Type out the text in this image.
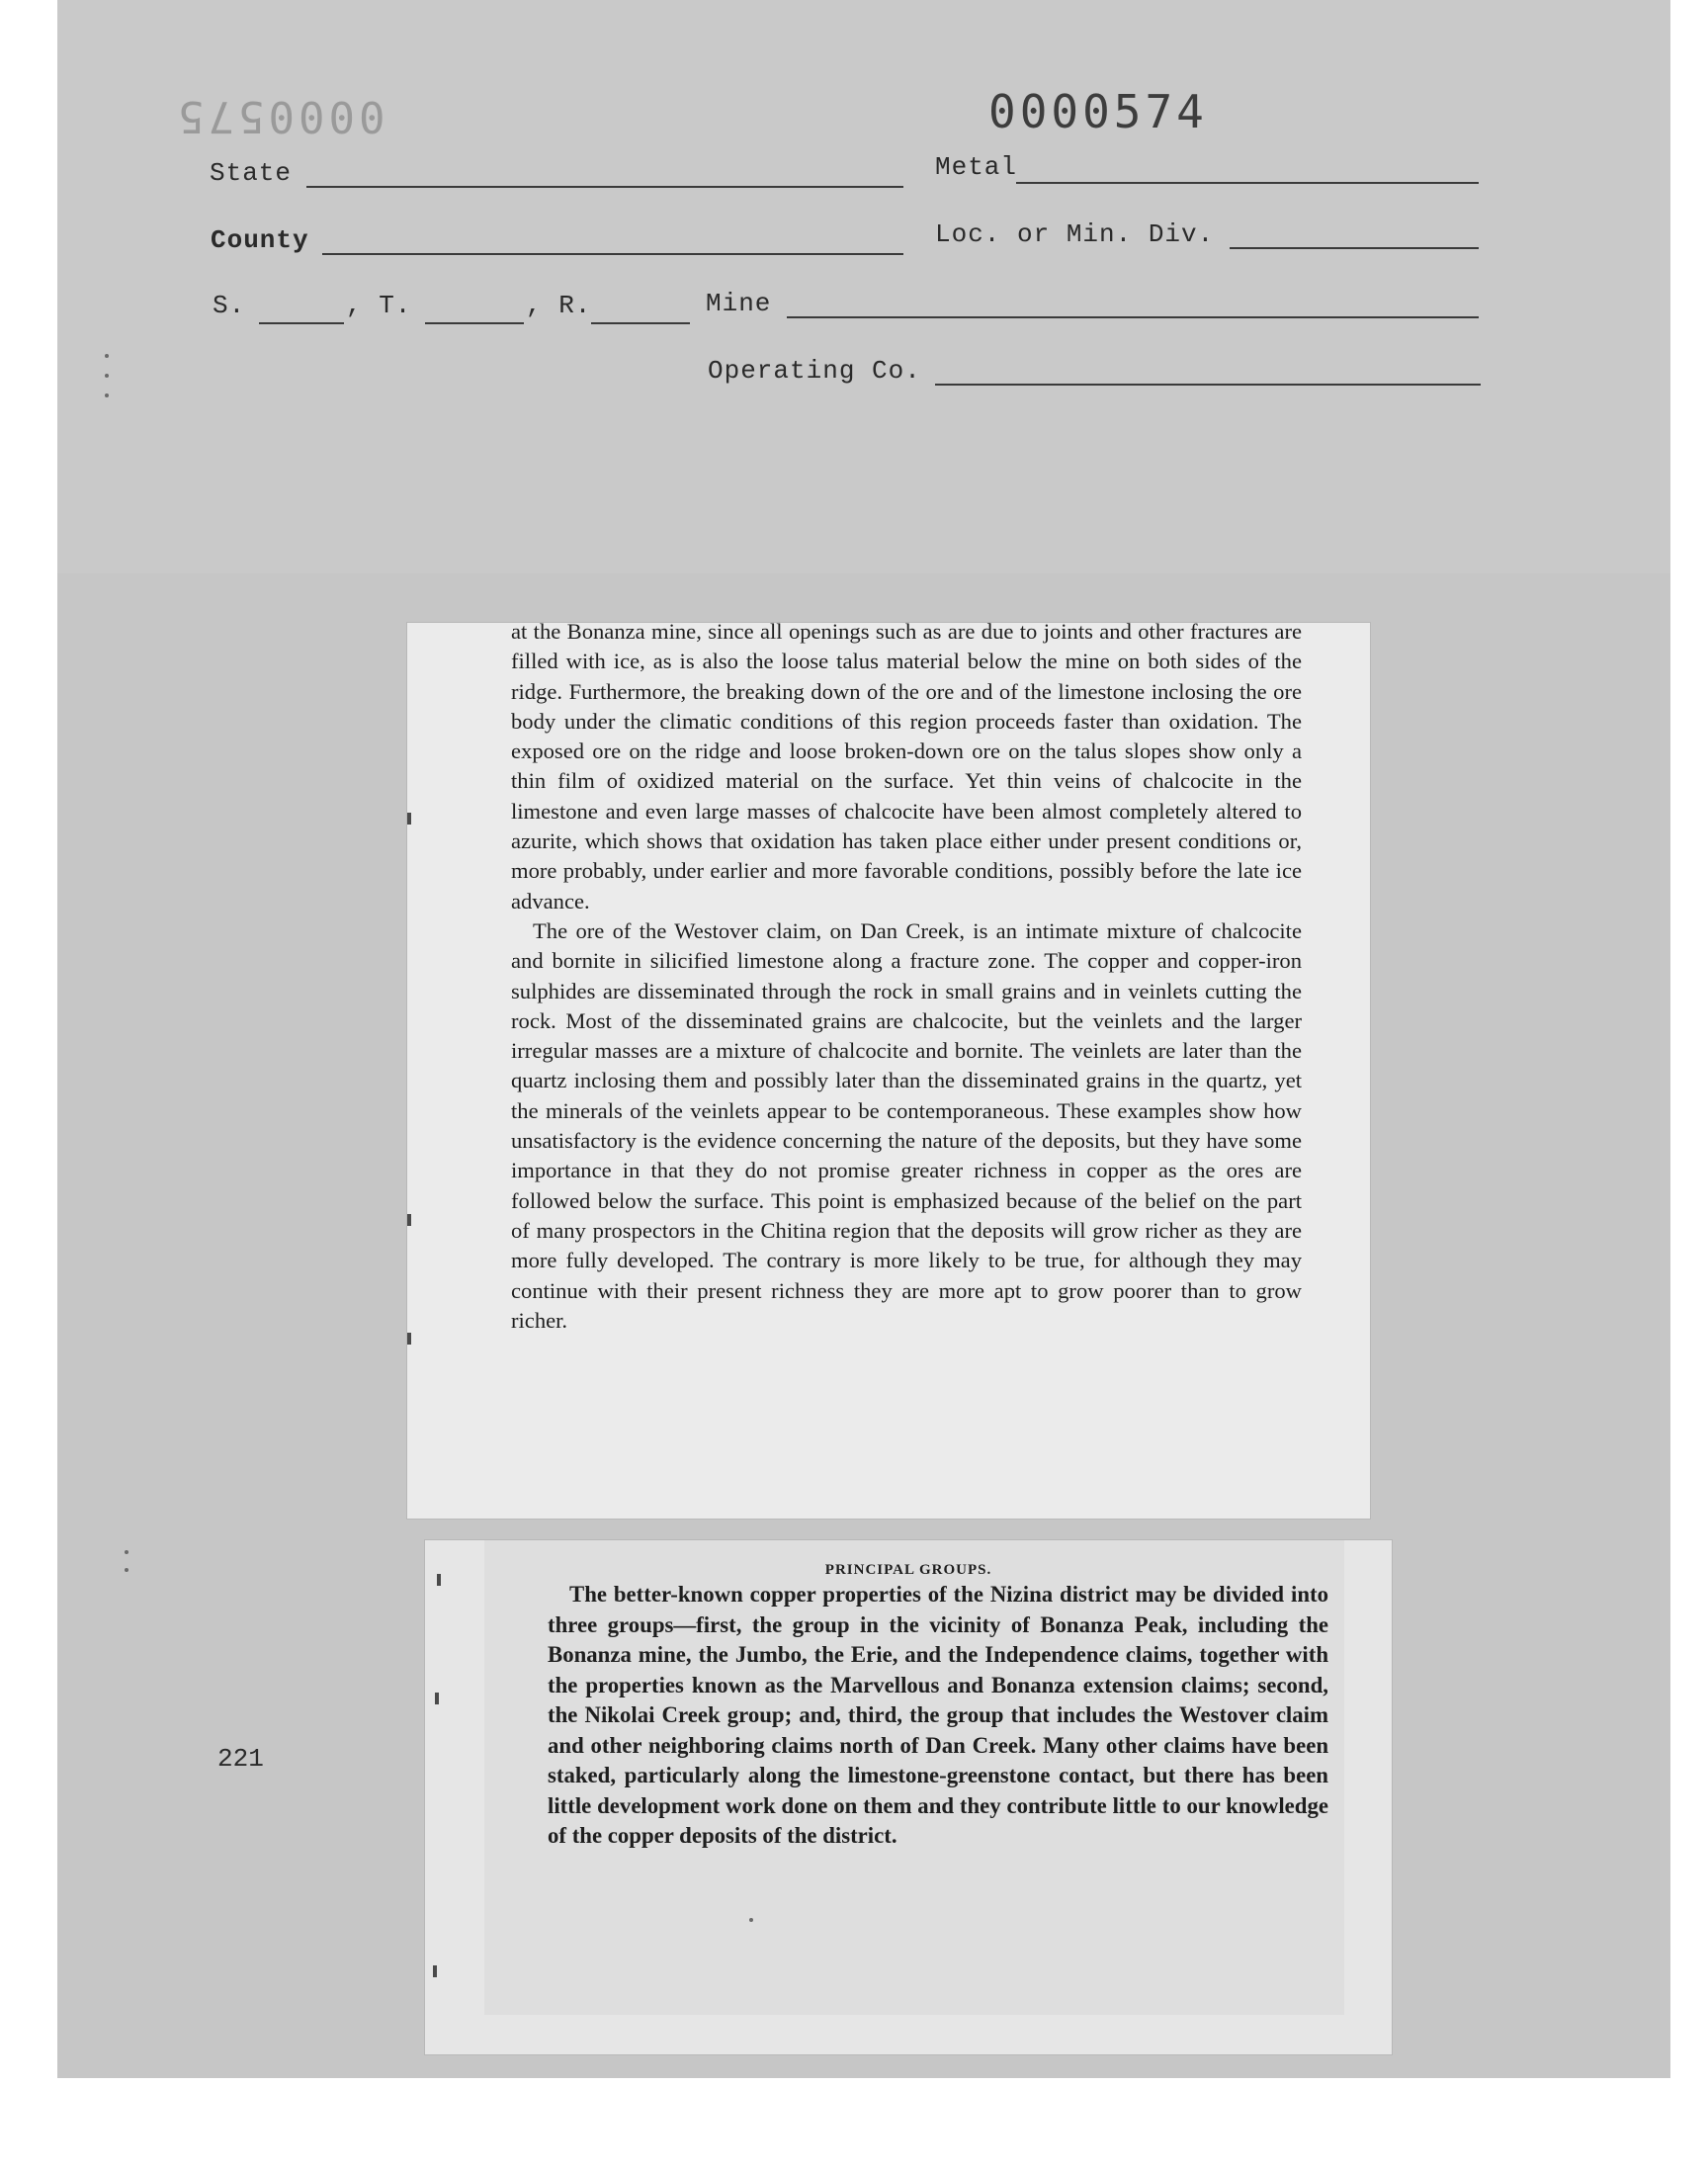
0000575	0000574
State	Metal
County	Loc. or Min. Div.
S.	, T.	, R.	Mine
Operating Co.

at the Bonanza mine, since all openings such as are due to joints and other fractures are filled with ice, as is also the loose talus material below the mine on both sides of the ridge. Furthermore, the breaking down of the ore and of the limestone inclosing the ore body under the climatic conditions of this region proceeds faster than oxidation. The exposed ore on the ridge and loose broken-down ore on the talus slopes show only a thin film of oxidized material on the surface. Yet thin veins of chalcocite in the limestone and even large masses of chalcocite have been almost completely altered to azurite, which shows that oxidation has taken place either under present conditions or, more probably, under earlier and more favorable conditions, possibly before the late ice advance.

The ore of the Westover claim, on Dan Creek, is an intimate mixture of chalcocite and bornite in silicified limestone along a fracture zone. The copper and copper-iron sulphides are disseminated through the rock in small grains and in veinlets cutting the rock. Most of the disseminated grains are chalcocite, but the veinlets and the larger irregular masses are a mixture of chalcocite and bornite. The veinlets are later than the quartz inclosing them and possibly later than the disseminated grains in the quartz, yet the minerals of the veinlets appear to be contemporaneous. These examples show how unsatisfactory is the evidence concerning the nature of the deposits, but they have some importance in that they do not promise greater richness in copper as the ores are followed below the surface. This point is emphasized because of the belief on the part of many prospectors in the Chitina region that the deposits will grow richer as they are more fully developed. The contrary is more likely to be true, for although they may continue with their present richness they are more apt to grow poorer than to grow richer.

PRINCIPAL GROUPS.

The better-known copper properties of the Nizina district may be divided into three groups—first, the group in the vicinity of Bonanza Peak, including the Bonanza mine, the Jumbo, the Erie, and the Independence claims, together with the properties known as the Marvellous and Bonanza extension claims; second, the Nikolai Creek group; and, third, the group that includes the Westover claim and other neighboring claims north of Dan Creek. Many other claims have been staked, particularly along the limestone-greenstone contact, but there has been little development work done on them and they contribute little to our knowledge of the copper deposits of the district.

221
